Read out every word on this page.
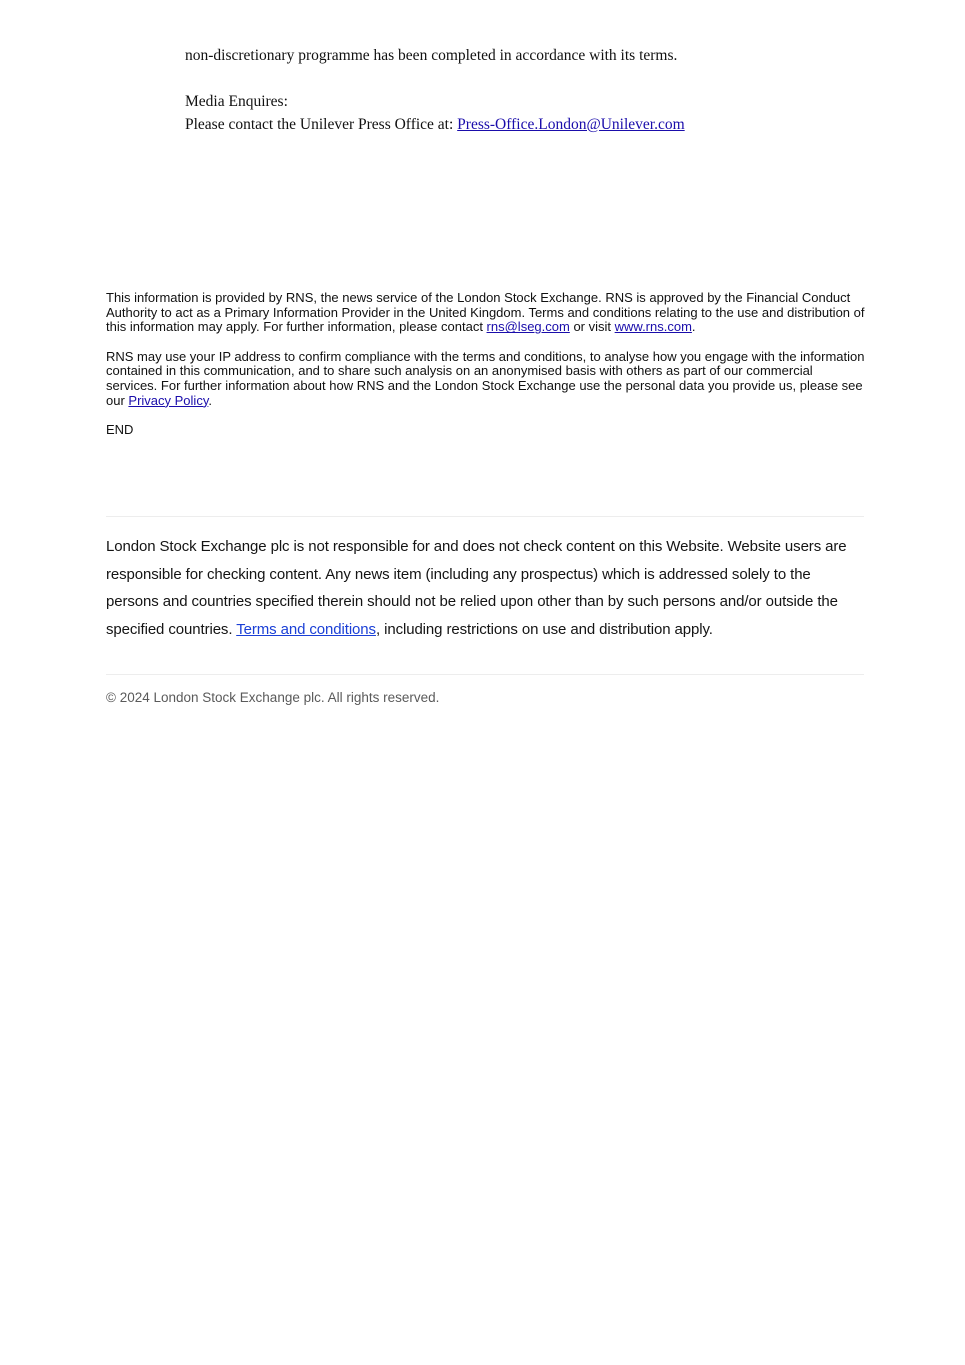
non-discretionary programme has been completed in accordance with its terms.
Media Enquires:
Please contact the Unilever Press Office at: Press-Office.London@Unilever.com

This information is provided by RNS, the news service of the London Stock Exchange. RNS is approved by the Financial Conduct Authority to act as a Primary Information Provider in the United Kingdom. Terms and conditions relating to the use and distribution of this information may apply. For further information, please contact rns@lseg.com or visit www.rns.com.

RNS may use your IP address to confirm compliance with the terms and conditions, to analyse how you engage with the information contained in this communication, and to share such analysis on an anonymised basis with others as part of our commercial services. For further information about how RNS and the London Stock Exchange use the personal data you provide us, please see our Privacy Policy.

END

London Stock Exchange plc is not responsible for and does not check content on this Website. Website users are responsible for checking content. Any news item (including any prospectus) which is addressed solely to the persons and countries specified therein should not be relied upon other than by such persons and/or outside the specified countries. Terms and conditions, including restrictions on use and distribution apply.
© 2024 London Stock Exchange plc. All rights reserved.
